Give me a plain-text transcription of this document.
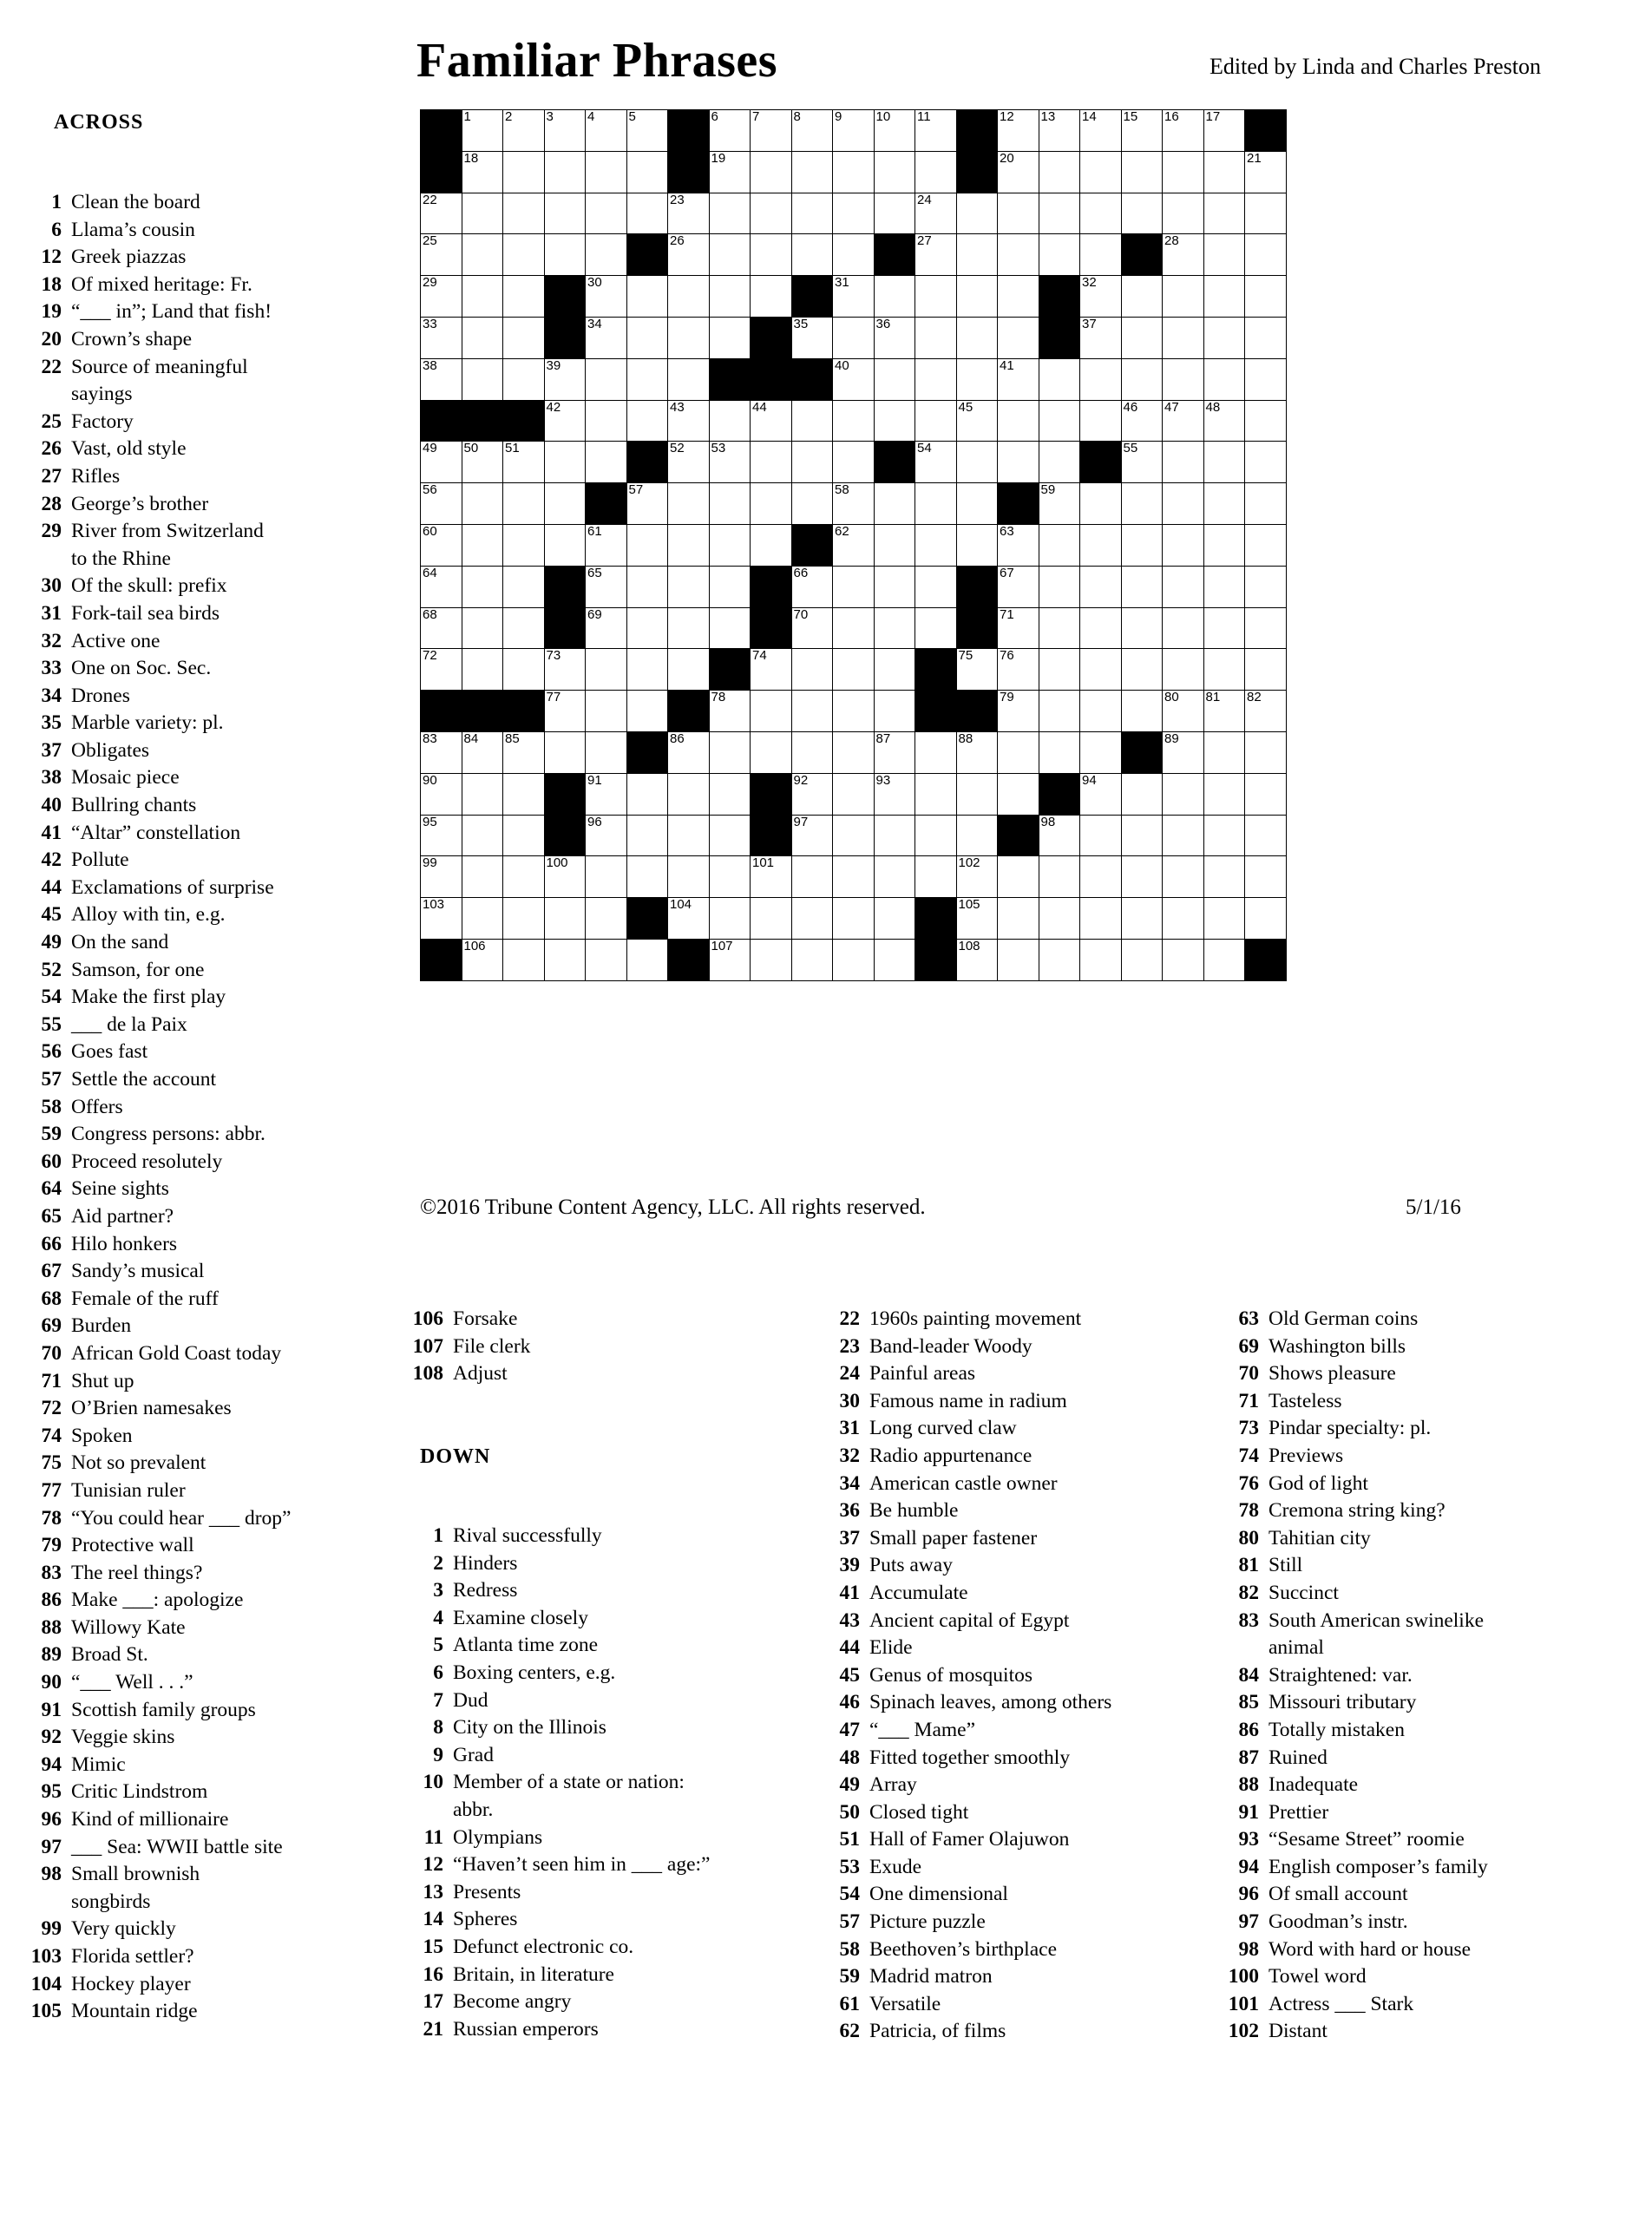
Familiar Phrases	Edited by Linda and Charles Preston
ACROSS
1 Clean the board
6 Llama’s cousin
12 Greek piazzas
18 Of mixed heritage: Fr.
19 “___ in”; Land that fish!
20 Crown’s shape
22 Source of meaningful
sayings
25 Factory
26 Vast, old style
27 Rifles
28 George’s brother
29 River from Switzerland
to the Rhine
30 Of the skull: prefix
31 Fork-tail sea birds
32 Active one
33 One on Soc. Sec.
34 Drones
35 Marble variety: pl.
37 Obligates
38 Mosaic piece
40 Bullring chants
41 “Altar” constellation
42 Pollute
44 Exclamations of surprise
45 Alloy with tin, e.g.
49 On the sand
52 Samson, for one
54 Make the first play
55 ___ de la Paix
56 Goes fast
57 Settle the account
58 Offers
59 Congress persons: abbr.
60 Proceed resolutely
64 Seine sights
65 Aid partner?
66 Hilo honkers
67 Sandy’s musical
68 Female of the ruff
69 Burden
70 African Gold Coast today
71 Shut up
72 O’Brien namesakes
74 Spoken
75 Not so prevalent
77 Tunisian ruler
78 “You could hear ___ drop”
79 Protective wall
83 The reel things?
86 Make ___: apologize
88 Willowy Kate
89 Broad St.
90 “___ Well . . .”
91 Scottish family groups
92 Veggie skins
94 Mimic
95 Critic Lindstrom
96 Kind of millionaire
97 ___ Sea: WWII battle site
98 Small brownish
songbirds
99 Very quickly
103 Florida settler?
104 Hockey player
105 Mountain ridge

	1	2	3	4	5		6	7	8	9	10	11		12	13	14	15	16	17	

	18						19							20						21

22						23						24								

25						26						27						28		

29				30						31						32				

33				34					35		36					37				

38			39							40				41						

			42			43		44					45				46	47	48	

49	50	51				52	53					54					55			

56					57					58					59					

60				61						62				63						

64				65					66					67						

68				69					70					71						

72			73					74					75	76						

			77				78							79				80	81	82

83	84	85				86					87		88					89		

90				91					92		93					94				

95				96					97						98					

99			100					101					102							

103						104							105							

	106						107						108							

©2016 Tribune Content Agency, LLC. All rights reserved.	5/1/16
106 Forsake
107 File clerk
108 Adjust
DOWN
1 Rival successfully
2 Hinders
3 Redress
4 Examine closely
5 Atlanta time zone
6 Boxing centers, e.g.
7 Dud
8 City on the Illinois
9 Grad
10 Member of a state or nation:
abbr.
11 Olympians
12 “Haven’t seen him in ___ age:”
13 Presents
14 Spheres
15 Defunct electronic co.
16 Britain, in literature
17 Become angry
21 Russian emperors
22 1960s painting movement
23 Band-leader Woody
24 Painful areas
30 Famous name in radium
31 Long curved claw
32 Radio appurtenance
34 American castle owner
36 Be humble
37 Small paper fastener
39 Puts away
41 Accumulate
43 Ancient capital of Egypt
44 Elide
45 Genus of mosquitos
46 Spinach leaves, among others
47 “___ Mame”
48 Fitted together smoothly
49 Array
50 Closed tight
51 Hall of Famer Olajuwon
53 Exude
54 One dimensional
57 Picture puzzle
58 Beethoven’s birthplace
59 Madrid matron
61 Versatile
62 Patricia, of films
63 Old German coins
69 Washington bills
70 Shows pleasure
71 Tasteless
73 Pindar specialty: pl.
74 Previews
76 God of light
78 Cremona string king?
80 Tahitian city
81 Still
82 Succinct
83 South American swinelike
animal
84 Straightened: var.
85 Missouri tributary
86 Totally mistaken
87 Ruined
88 Inadequate
91 Prettier
93 “Sesame Street” roomie
94 English composer’s family
96 Of small account
97 Goodman’s instr.
98 Word with hard or house
100 Towel word
101 Actress ___ Stark
102 Distant
